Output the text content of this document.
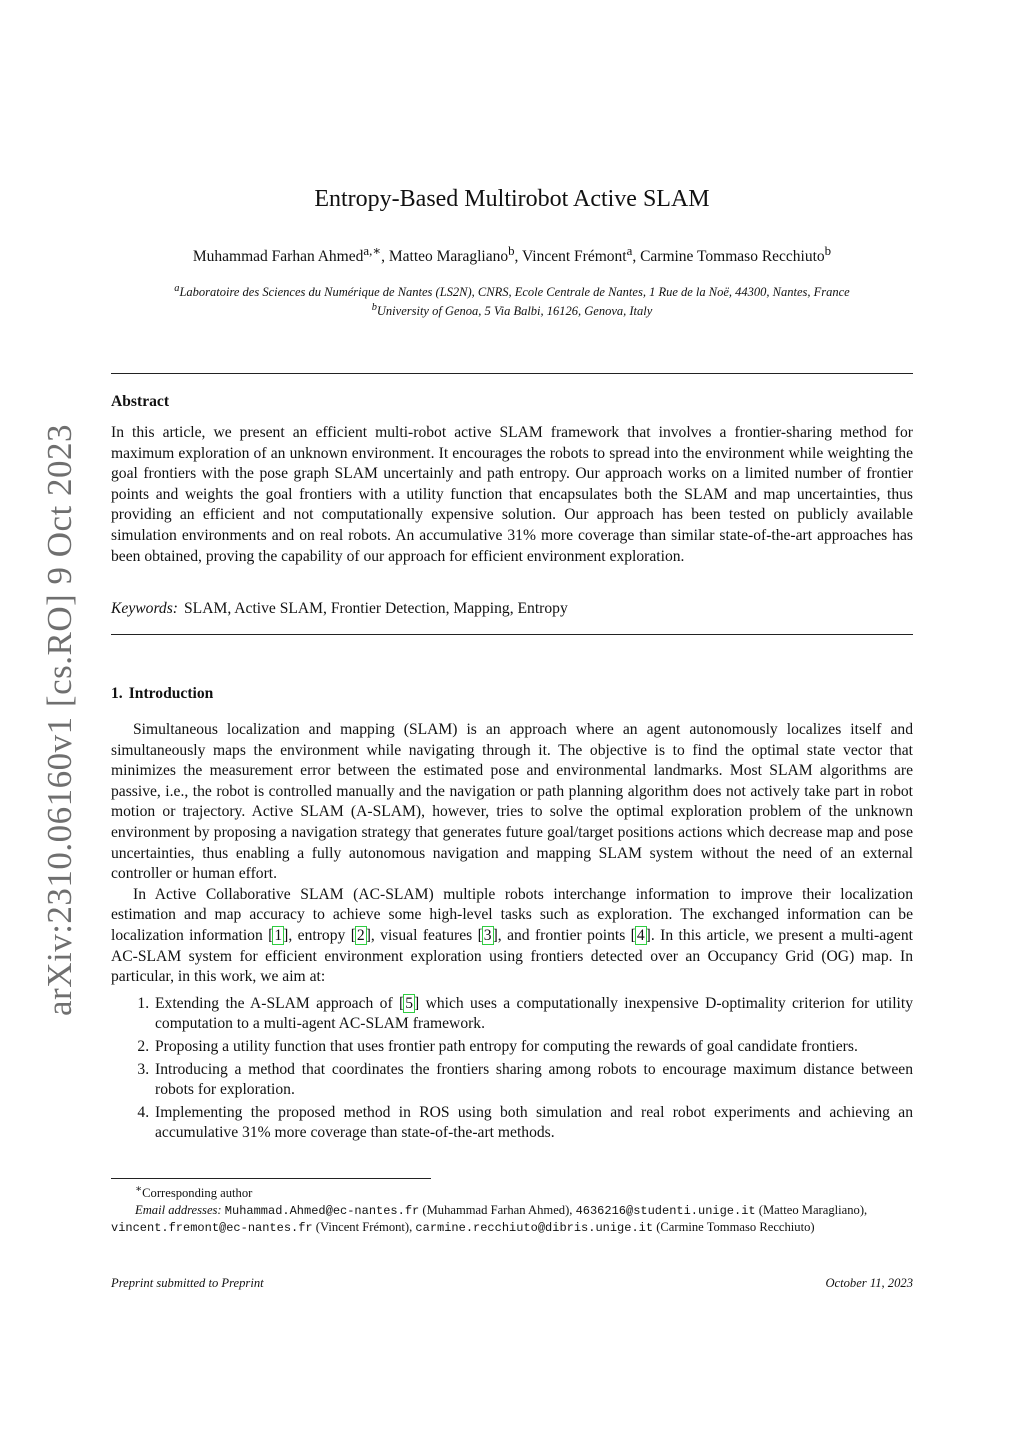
arXiv:2310.06160v1 [cs.RO] 9 Oct 2023
Entropy-Based Multirobot Active SLAM
Muhammad Farhan Ahmed$^{a,∗}$, Matteo Maragliano$^b$, Vincent Frémont$^a$, Carmine Tommaso Recchiuto$^b$
$^a$Laboratoire des Sciences du Numérique de Nantes (LS2N), CNRS, Ecole Centrale de Nantes, 1 Rue de la Noë, 44300, Nantes, France
$^b$University of Genoa, 5 Via Balbi, 16126, Genova, Italy
Abstract
In this article, we present an efficient multi-robot active SLAM framework that involves a frontier-sharing method for maximum exploration of an unknown environment. It encourages the robots to spread into the environment while weighting the goal frontiers with the pose graph SLAM uncertainly and path entropy. Our approach works on a limited number of frontier points and weights the goal frontiers with a utility function that encapsulates both the SLAM and map uncertainties, thus providing an efficient and not computationally expensive solution. Our approach has been tested on publicly available simulation environments and on real robots. An accumulative 31% more coverage than similar state-of-the-art approaches has been obtained, proving the capability of our approach for efficient environment exploration.
Keywords: SLAM, Active SLAM, Frontier Detection, Mapping, Entropy
1. Introduction

Simultaneous localization and mapping (SLAM) is an approach where an agent autonomously localizes itself and simultaneously maps the environment while navigating through it. The objective is to find the optimal state vector that minimizes the measurement error between the estimated pose and environmental landmarks. Most SLAM algorithms are passive, i.e., the robot is controlled manually and the navigation or path planning algorithm does not actively take part in robot motion or trajectory. Active SLAM (A-SLAM), however, tries to solve the optimal exploration problem of the unknown environment by proposing a navigation strategy that generates future goal/target positions actions which decrease map and pose uncertainties, thus enabling a fully autonomous navigation and mapping SLAM system without the need of an external controller or human effort.

In Active Collaborative SLAM (AC-SLAM) multiple robots interchange information to improve their localization estimation and map accuracy to achieve some high-level tasks such as exploration. The exchanged information can be localization information [1], entropy [2], visual features [3], and frontier points [4]. In this article, we present a multi-agent AC-SLAM system for efficient environment exploration using frontiers detected over an Occupancy Grid (OG) map. In particular, in this work, we aim at:

1. Extending the A-SLAM approach of [5] which uses a computationally inexpensive D-optimality criterion for utility computation to a multi-agent AC-SLAM framework.
2. Proposing a utility function that uses frontier path entropy for computing the rewards of goal candidate frontiers.
3. Introducing a method that coordinates the frontiers sharing among robots to encourage maximum distance between robots for exploration.
4. Implementing the proposed method in ROS using both simulation and real robot experiments and achieving an accumulative 31% more coverage than state-of-the-art methods.
∗Corresponding author
Email addresses: Muhammad.Ahmed@ec-nantes.fr (Muhammad Farhan Ahmed), 4636216@studenti.unige.it (Matteo Maragliano), vincent.fremont@ec-nantes.fr (Vincent Frémont), carmine.recchiuto@dibris.unige.it (Carmine Tommaso Recchiuto)
Preprint submitted to Preprint	October 11, 2023
